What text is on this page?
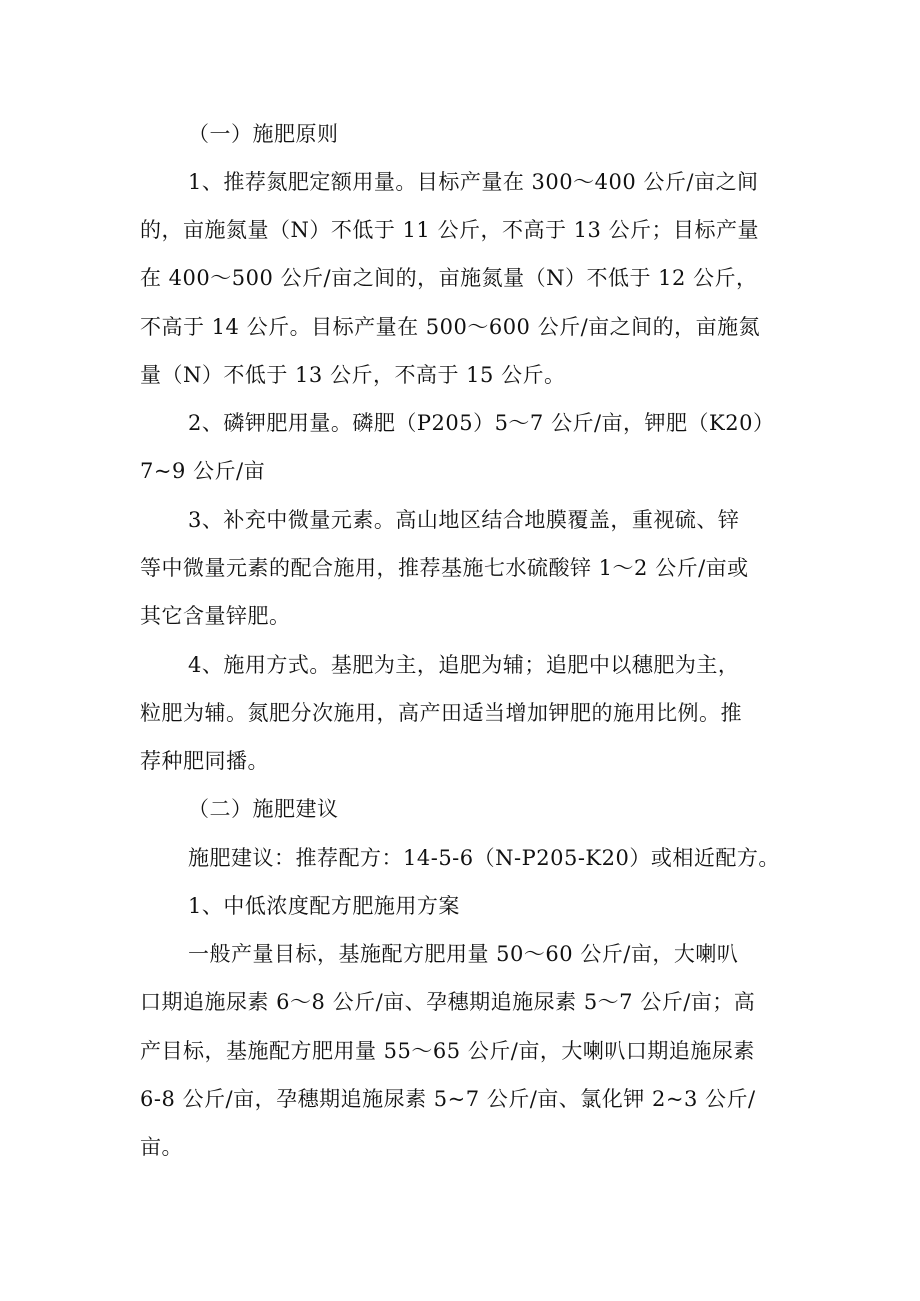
（一）施肥原则
1、推荐氮肥定额用量。目标产量在 300～400 公斤/亩之间
的，亩施氮量（N）不低于 11 公斤，不高于 13 公斤；目标产量
在 400～500 公斤/亩之间的，亩施氮量（N）不低于 12 公斤，
不高于 14 公斤。目标产量在 500～600 公斤/亩之间的，亩施氮
量（N）不低于 13 公斤，不高于 15 公斤。
2、磷钾肥用量。磷肥（P205）5～7 公斤/亩，钾肥（K20）
7~9 公斤/亩
3、补充中微量元素。高山地区结合地膜覆盖，重视硫、锌
等中微量元素的配合施用，推荐基施七水硫酸锌 1～2 公斤/亩或
其它含量锌肥。
4、施用方式。基肥为主，追肥为辅；追肥中以穗肥为主，
粒肥为辅。氮肥分次施用，高产田适当增加钾肥的施用比例。推
荐种肥同播。
（二）施肥建议
施肥建议：推荐配方：14-5-6（N-P205-K20）或相近配方。
1、中低浓度配方肥施用方案
一般产量目标，基施配方肥用量 50～60 公斤/亩，大喇叭
口期追施尿素 6～8 公斤/亩、孕穗期追施尿素 5～7 公斤/亩；高
产目标，基施配方肥用量 55～65 公斤/亩，大喇叭口期追施尿素
6-8 公斤/亩，孕穗期追施尿素 5~7 公斤/亩、氯化钾 2~3 公斤/
亩。
